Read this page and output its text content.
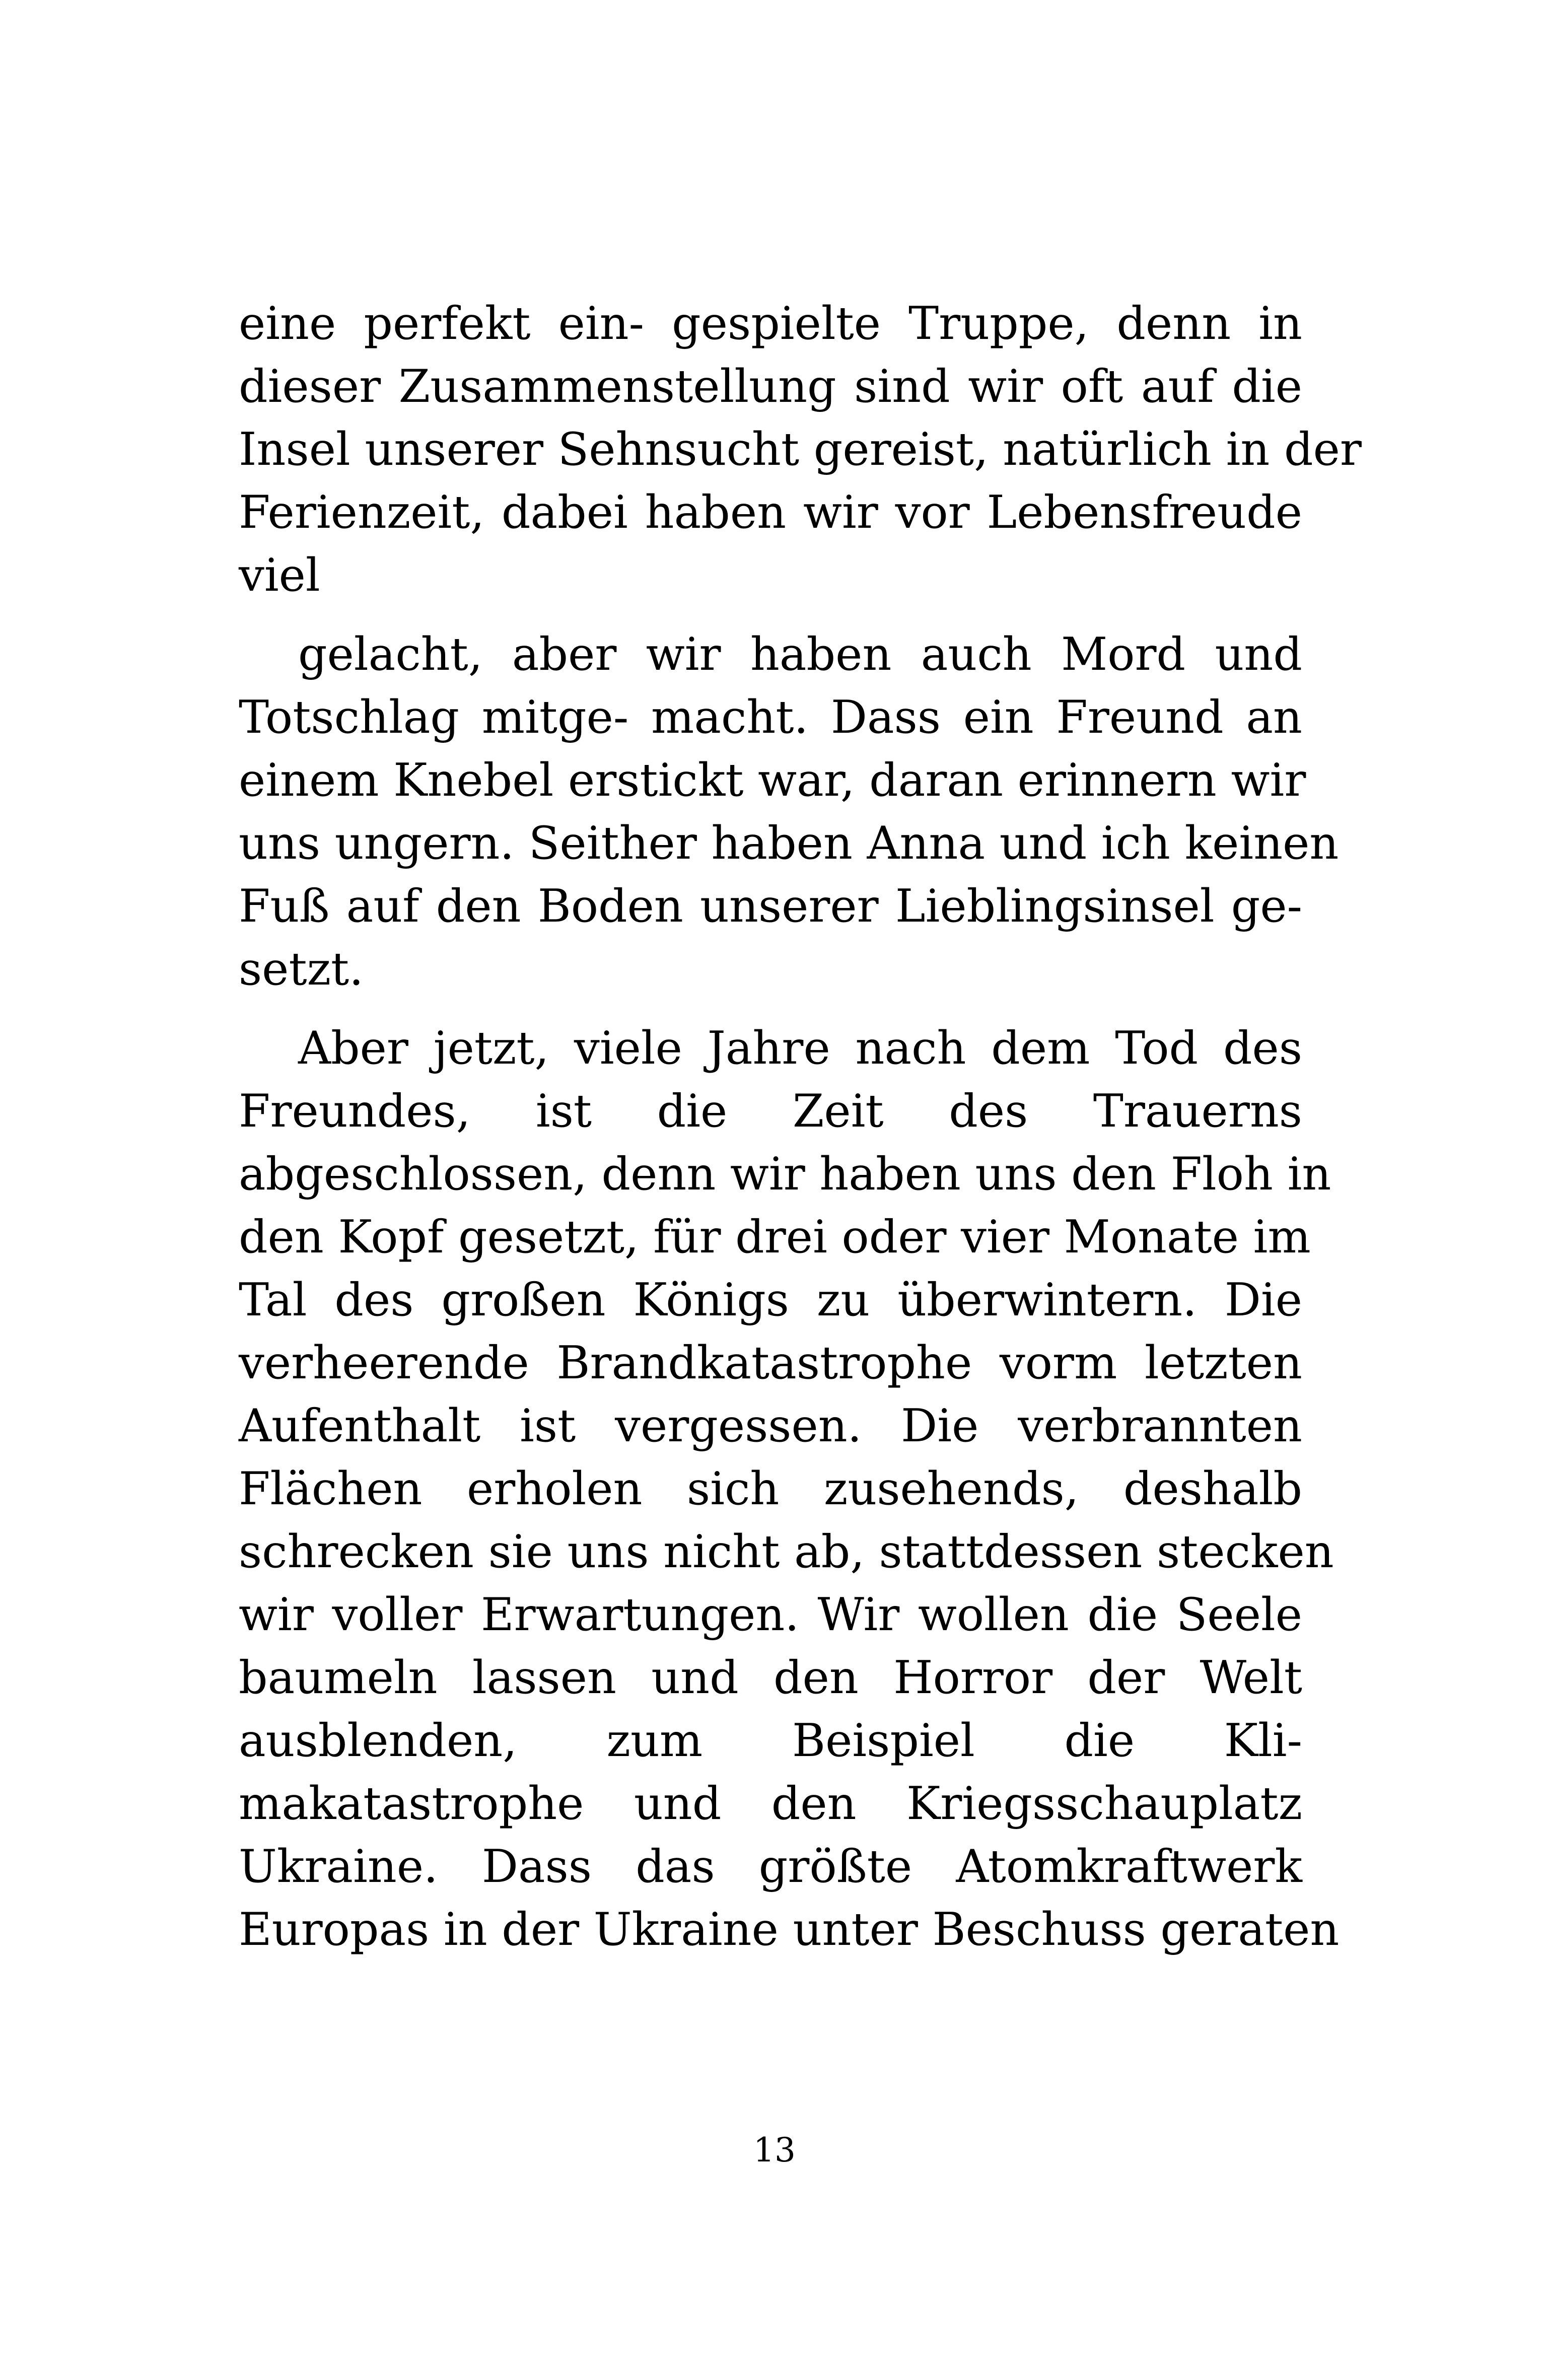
eine perfekt ein- gespielte Truppe, denn in
dieser Zusammenstellung sind wir oft auf die
Insel unserer Sehnsucht gereist, natürlich in der
Ferienzeit, dabei haben wir vor Lebensfreude
viel
gelacht, aber wir haben auch Mord und
Totschlag mitge- macht. Dass ein Freund an
einem Knebel erstickt war, daran erinnern wir
uns ungern. Seither haben Anna und ich keinen
Fuß auf den Boden unserer Lieblingsinsel ge-
setzt.
Aber jetzt, viele Jahre nach dem Tod des
Freundes, ist die Zeit des Trauerns
abgeschlossen, denn wir haben uns den Floh in
den Kopf gesetzt, für drei oder vier Monate im
Tal des großen Königs zu überwintern. Die
verheerende Brandkatastrophe vorm letzten
Aufenthalt ist vergessen. Die verbrannten
Flächen erholen sich zusehends, deshalb
schrecken sie uns nicht ab, stattdessen stecken
wir voller Erwartungen. Wir wollen die Seele
baumeln lassen und den Horror der Welt
ausblenden, zum Beispiel die Kli-
makatastrophe und den Kriegsschauplatz
Ukraine. Dass das größte Atomkraftwerk
Europas in der Ukraine unter Beschuss geraten
13
